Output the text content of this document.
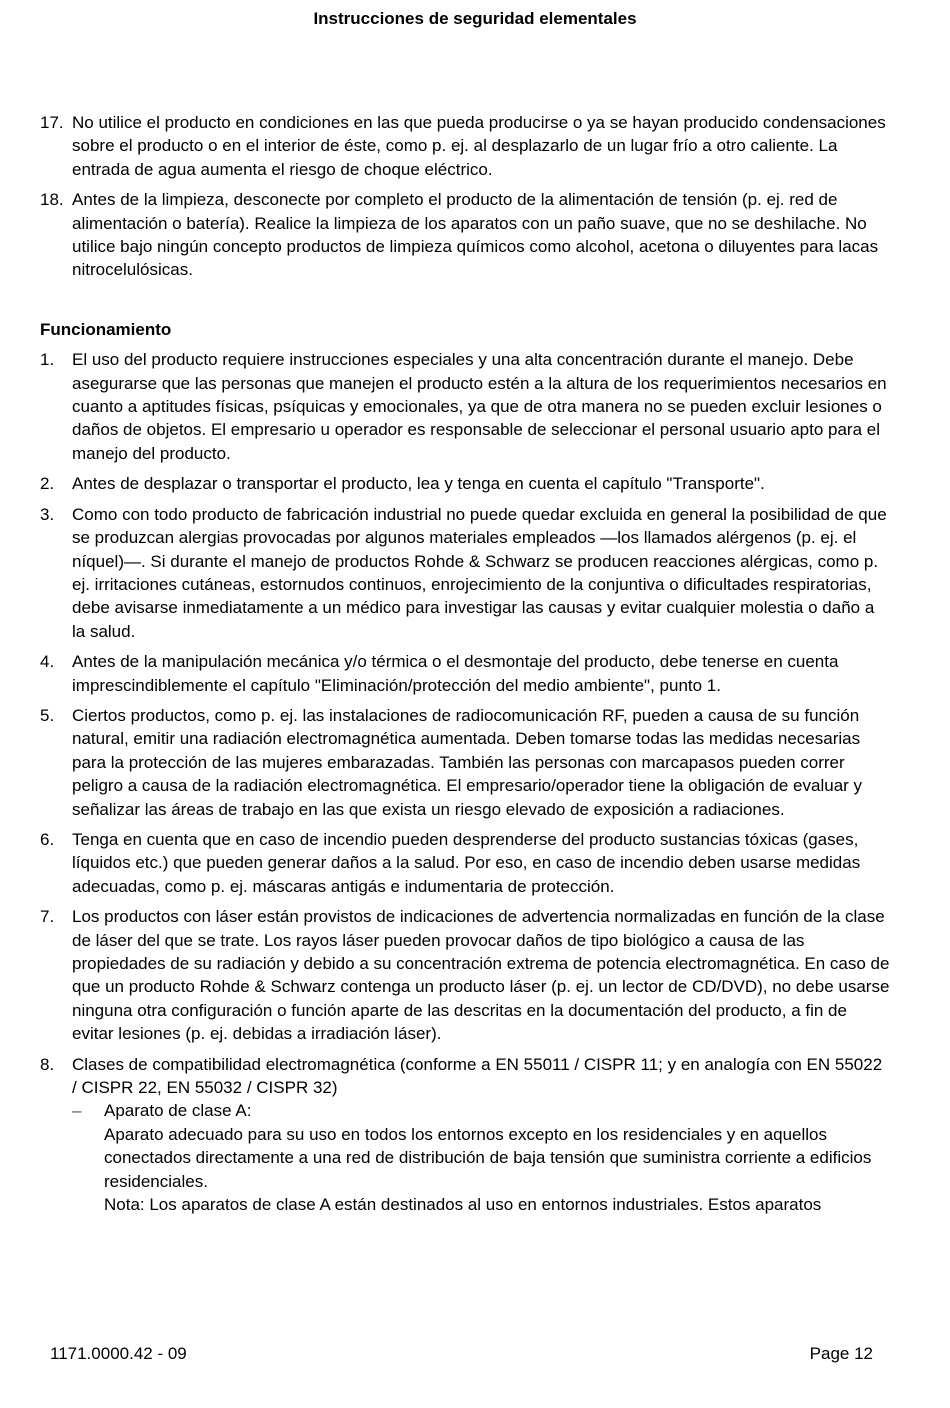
Instrucciones de seguridad elementales
17. No utilice el producto en condiciones en las que pueda producirse o ya se hayan producido condensaciones sobre el producto o en el interior de éste, como p. ej. al desplazarlo de un lugar frío a otro caliente. La entrada de agua aumenta el riesgo de choque eléctrico.
18. Antes de la limpieza, desconecte por completo el producto de la alimentación de tensión (p. ej. red de alimentación o batería). Realice la limpieza de los aparatos con un paño suave, que no se deshilache. No utilice bajo ningún concepto productos de limpieza químicos como alcohol, acetona o diluyentes para lacas nitrocelulósicas.
Funcionamiento
1. El uso del producto requiere instrucciones especiales y una alta concentración durante el manejo. Debe asegurarse que las personas que manejen el producto estén a la altura de los requerimientos necesarios en cuanto a aptitudes físicas, psíquicas y emocionales, ya que de otra manera no se pueden excluir lesiones o daños de objetos. El empresario u operador es responsable de seleccionar el personal usuario apto para el manejo del producto.
2. Antes de desplazar o transportar el producto, lea y tenga en cuenta el capítulo "Transporte".
3. Como con todo producto de fabricación industrial no puede quedar excluida en general la posibilidad de que se produzcan alergias provocadas por algunos materiales empleados —los llamados alérgenos (p. ej. el níquel)—. Si durante el manejo de productos Rohde & Schwarz se producen reacciones alérgicas, como p. ej. irritaciones cutáneas, estornudos continuos, enrojecimiento de la conjuntiva o dificultades respiratorias, debe avisarse inmediatamente a un médico para investigar las causas y evitar cualquier molestia o daño a la salud.
4. Antes de la manipulación mecánica y/o térmica o el desmontaje del producto, debe tenerse en cuenta imprescindiblemente el capítulo "Eliminación/protección del medio ambiente", punto 1.
5. Ciertos productos, como p. ej. las instalaciones de radiocomunicación RF, pueden a causa de su función natural, emitir una radiación electromagnética aumentada. Deben tomarse todas las medidas necesarias para la protección de las mujeres embarazadas. También las personas con marcapasos pueden correr peligro a causa de la radiación electromagnética. El empresario/operador tiene la obligación de evaluar y señalizar las áreas de trabajo en las que exista un riesgo elevado de exposición a radiaciones.
6. Tenga en cuenta que en caso de incendio pueden desprenderse del producto sustancias tóxicas (gases, líquidos etc.) que pueden generar daños a la salud. Por eso, en caso de incendio deben usarse medidas adecuadas, como p. ej. máscaras antigás e indumentaria de protección.
7. Los productos con láser están provistos de indicaciones de advertencia normalizadas en función de la clase de láser del que se trate. Los rayos láser pueden provocar daños de tipo biológico a causa de las propiedades de su radiación y debido a su concentración extrema de potencia electromagnética. En caso de que un producto Rohde & Schwarz contenga un producto láser (p. ej. un lector de CD/DVD), no debe usarse ninguna otra configuración o función aparte de las descritas en la documentación del producto, a fin de evitar lesiones (p. ej. debidas a irradiación láser).
8. Clases de compatibilidad electromagnética (conforme a EN 55011 / CISPR 11; y en analogía con EN 55022 / CISPR 22, EN 55032 / CISPR 32)
– Aparato de clase A:
Aparato adecuado para su uso en todos los entornos excepto en los residenciales y en aquellos conectados directamente a una red de distribución de baja tensión que suministra corriente a edificios residenciales.
Nota: Los aparatos de clase A están destinados al uso en entornos industriales. Estos aparatos
1171.0000.42 - 09	Page 12
